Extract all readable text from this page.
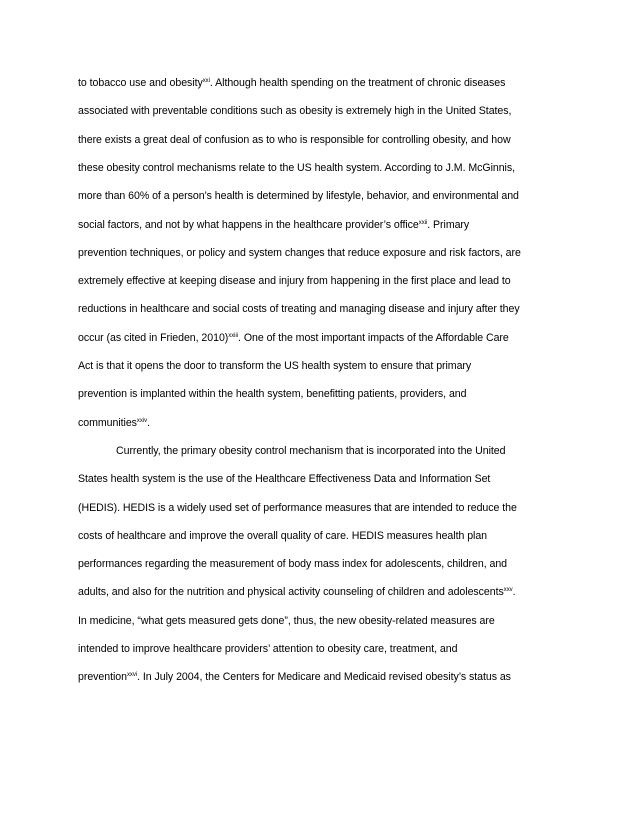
to tobacco use and obesity$^{xxi}$. Although health spending on the treatment of chronic diseases
associated with preventable conditions such as obesity is extremely high in the United States,
there exists a great deal of confusion as to who is responsible for controlling obesity, and how
these obesity control mechanisms relate to the US health system. According to J.M. McGinnis,
more than 60% of a person’s health is determined by lifestyle, behavior, and environmental and
social factors, and not by what happens in the healthcare provider’s office$^{xxii}$. Primary
prevention techniques, or policy and system changes that reduce exposure and risk factors, are
extremely effective at keeping disease and injury from happening in the first place and lead to
reductions in healthcare and social costs of treating and managing disease and injury after they
occur (as cited in Frieden, 2010)$^{xxiii}$. One of the most important impacts of the Affordable Care
Act is that it opens the door to transform the US health system to ensure that primary
prevention is implanted within the health system, benefitting patients, providers, and
communities$^{xxiv}$.
Currently, the primary obesity control mechanism that is incorporated into the United
States health system is the use of the Healthcare Effectiveness Data and Information Set
(HEDIS). HEDIS is a widely used set of performance measures that are intended to reduce the
costs of healthcare and improve the overall quality of care. HEDIS measures health plan
performances regarding the measurement of body mass index for adolescents, children, and
adults, and also for the nutrition and physical activity counseling of children and adolescents$^{xxv}$.
In medicine, “what gets measured gets done”, thus, the new obesity-related measures are
intended to improve healthcare providers’ attention to obesity care, treatment, and
prevention$^{xxvi}$. In July 2004, the Centers for Medicare and Medicaid revised obesity’s status as
